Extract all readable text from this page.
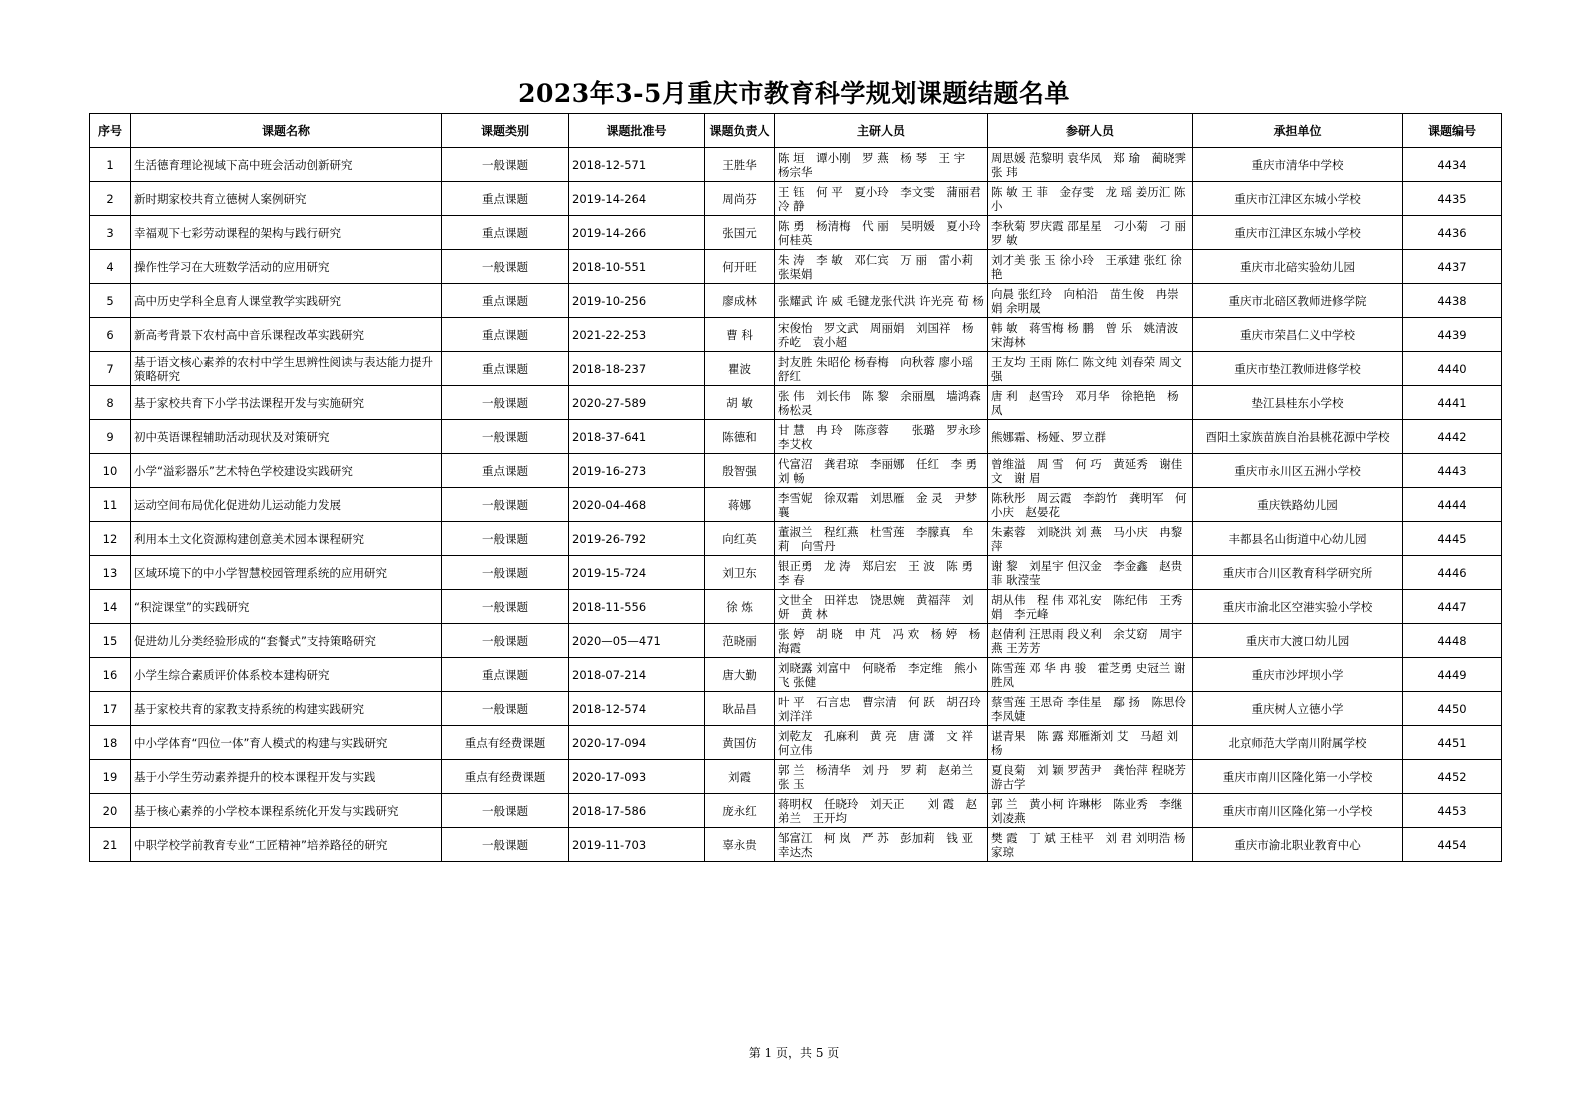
2023年3-5月重庆市教育科学规划课题结题名单
序号	课题名称	课题类别	课题批准号	课题负责人	主研人员	参研人员	承担单位	课题编号
1	生活德育理论视域下高中班会活动创新研究	一般课题	2018-12-571	王胜华	陈 垣　谭小刚　罗 燕　杨 琴　王 宇　杨宗华	周思媛 范黎明 袁华凤　郑 瑜　蔺晓霁　张 玮	重庆市清华中学校	4434
2	新时期家校共育立德树人案例研究	重点课题	2019-14-264	周尚芬	王 钰　何 平　夏小玲　李文雯　蒲丽君　冷 静	陈 敏 王 菲　金存雯　龙 瑶 姜历汇 陈小	重庆市江津区东城小学校	4435
3	幸福观下七彩劳动课程的架构与践行研究	重点课题	2019-14-266	张国元	陈 勇　杨清梅　代 丽　吴明媛　夏小玲　何桂英	李秋菊 罗庆霞 邵星星　刁小菊　刁 丽　罗 敏	重庆市江津区东城小学校	4436
4	操作性学习在大班数学活动的应用研究	一般课题	2018-10-551	何开旺	朱 涛　李 敏　邓仁宾　万 丽　雷小莉　张渠娟	刘才美 张 玉 徐小玲　王承建 张红 徐 艳	重庆市北碚实验幼儿园	4437
5	高中历史学科全息育人课堂教学实践研究	重点课题	2019-10-256	廖成林	张耀武 许 威 毛键龙张代洪 许光亮 荀 杨	向晨 张红玲　向柏沿　苗生俊　冉崇娟 余明晟	重庆市北碚区教师进修学院	4438
6	新高考背景下农村高中音乐课程改革实践研究	重点课题	2021-22-253	曹 科	宋俊怡　罗文武　周丽娟　刘国祥　杨乔屹　袁小超	韩 敏　蒋雪梅 杨 鹏　曾 乐　姚清波 宋海林	重庆市荣昌仁义中学校	4439
7	基于语文核心素养的农村中学生思辨性阅读与表达能力提升策略研究	重点课题	2018-18-237	瞿波	封友胜 朱昭伦 杨春梅　向秋蓉 廖小瑶 舒红	王友均 王雨 陈仁 陈文纯 刘春荣 周文强	重庆市垫江教师进修学校	4440
8	基于家校共育下小学书法课程开发与实施研究	一般课题	2020-27-589	胡 敏	张 伟　刘长伟　陈 黎　余丽凰　墙鸿森　杨松灵	唐 利　赵雪玲　邓月华　徐艳艳　杨 凤	垫江县桂东小学校	4441
9	初中英语课程辅助活动现状及对策研究	一般课题	2018-37-641	陈德和	甘 慧　冉 玲　陈彦蓉　　张璐　罗永珍 李艾枚	熊娜霜、杨娅、罗立群	酉阳土家族苗族自治县桃花源中学校	4442
10	小学“溢彩器乐”艺术特色学校建设实践研究	重点课题	2019-16-273	殷智强	代富沼　龚君琼　李丽娜　任红　李 勇　刘 畅	曾维溢　周 雪　何 巧　黄延秀　谢佳文　谢 眉	重庆市永川区五洲小学校	4443
11	运动空间布局优化促进幼儿运动能力发展	一般课题	2020-04-468	蒋娜	李雪妮　徐双霜　刘思雁　金 灵　尹梦襄	陈秋彤　周云霞　李韵竹　龚明军　何小庆　赵晏花	重庆铁路幼儿园	4444
12	利用本土文化资源构建创意美术园本课程研究	一般课题	2019-26-792	向红英	董淑兰　程红燕　杜雪莲　李朦真　牟 莉　向雪丹	朱素蓉　刘晓洪 刘 燕　马小庆　冉黎萍	丰都县名山街道中心幼儿园	4445
13	区域环境下的中小学智慧校园管理系统的应用研究	一般课题	2019-15-724	刘卫东	银正勇　龙 涛　郑启宏　王 波　陈 勇　李 春	谢 黎　刘星宇 但汉金　李金鑫　赵贵菲 耿滢莹	重庆市合川区教育科学研究所	4446
14	“积淀课堂”的实践研究	一般课题	2018-11-556	徐 炼	文世全　田祥忠　饶思婉　黄福萍　刘 妍　黄 林	胡从伟　程 伟 邓礼安　陈纪伟　王秀娟　李元峰	重庆市渝北区空港实验小学校	4447
15	促进幼儿分类经验形成的“套餐式”支持策略研究	一般课题	2020—05—471	范晓丽	张 婷　胡 晓　申 芃　冯 欢　杨 婷　杨海霞	赵倩利 汪思雨 段义利　余艾窈　周宇燕 王芳芳	重庆市大渡口幼儿园	4448
16	小学生综合素质评价体系校本建构研究	重点课题	2018-07-214	唐大勤	刘晓露 刘富中　何晓希　李定维　熊小飞 张健	陈雪莲 邓 华 冉 骏　霍芝勇 史冠兰 谢胜凤	重庆市沙坪坝小学	4449
17	基于家校共育的家教支持系统的构建实践研究	一般课题	2018-12-574	耿品昌	叶 平　石言忠　曹宗清　何 跃　胡召玲　刘洋洋	蔡雪莲 王思奇 李佳星　鄢 扬　陈思伶 李凤婕	重庆树人立德小学	4450
18	中小学体育“四位一体”育人模式的构建与实践研究	重点有经费课题	2020-17-094	黄国仿	刘乾友　孔麻利　黄 亮　唐 潇　文 祥　何立伟	谌青果　陈 露 郑雁渐刘 艾　马超 刘杨	北京师范大学南川附属学校	4451
19	基于小学生劳动素养提升的校本课程开发与实践	重点有经费课题	2020-17-093	刘霞	郭 兰　杨清华　刘 丹　罗 莉　赵弟兰　张 玉	夏良菊　刘 颖 罗茜尹　龚怡萍 程晓芳 游古学	重庆市南川区隆化第一小学校	4452
20	基于核心素养的小学校本课程系统化开发与实践研究	一般课题	2018-17-586	庞永红	蒋明权　任晓玲　刘天正　　刘 霞　赵弟兰　王开均	郭 兰　黄小柯 许琳彬　陈业秀　李继 刘凌燕	重庆市南川区隆化第一小学校	4453
21	中职学校学前教育专业“工匠精神”培养路径的研究	一般课题	2019-11-703	辜永贵	邹富江　柯 岚　严 苏　彭加莉　钱 亚　幸达杰	樊 霞　丁 斌 王桂平　刘 君 刘明浩 杨家琼	重庆市渝北职业教育中心	4454
第 1 页，共 5 页
